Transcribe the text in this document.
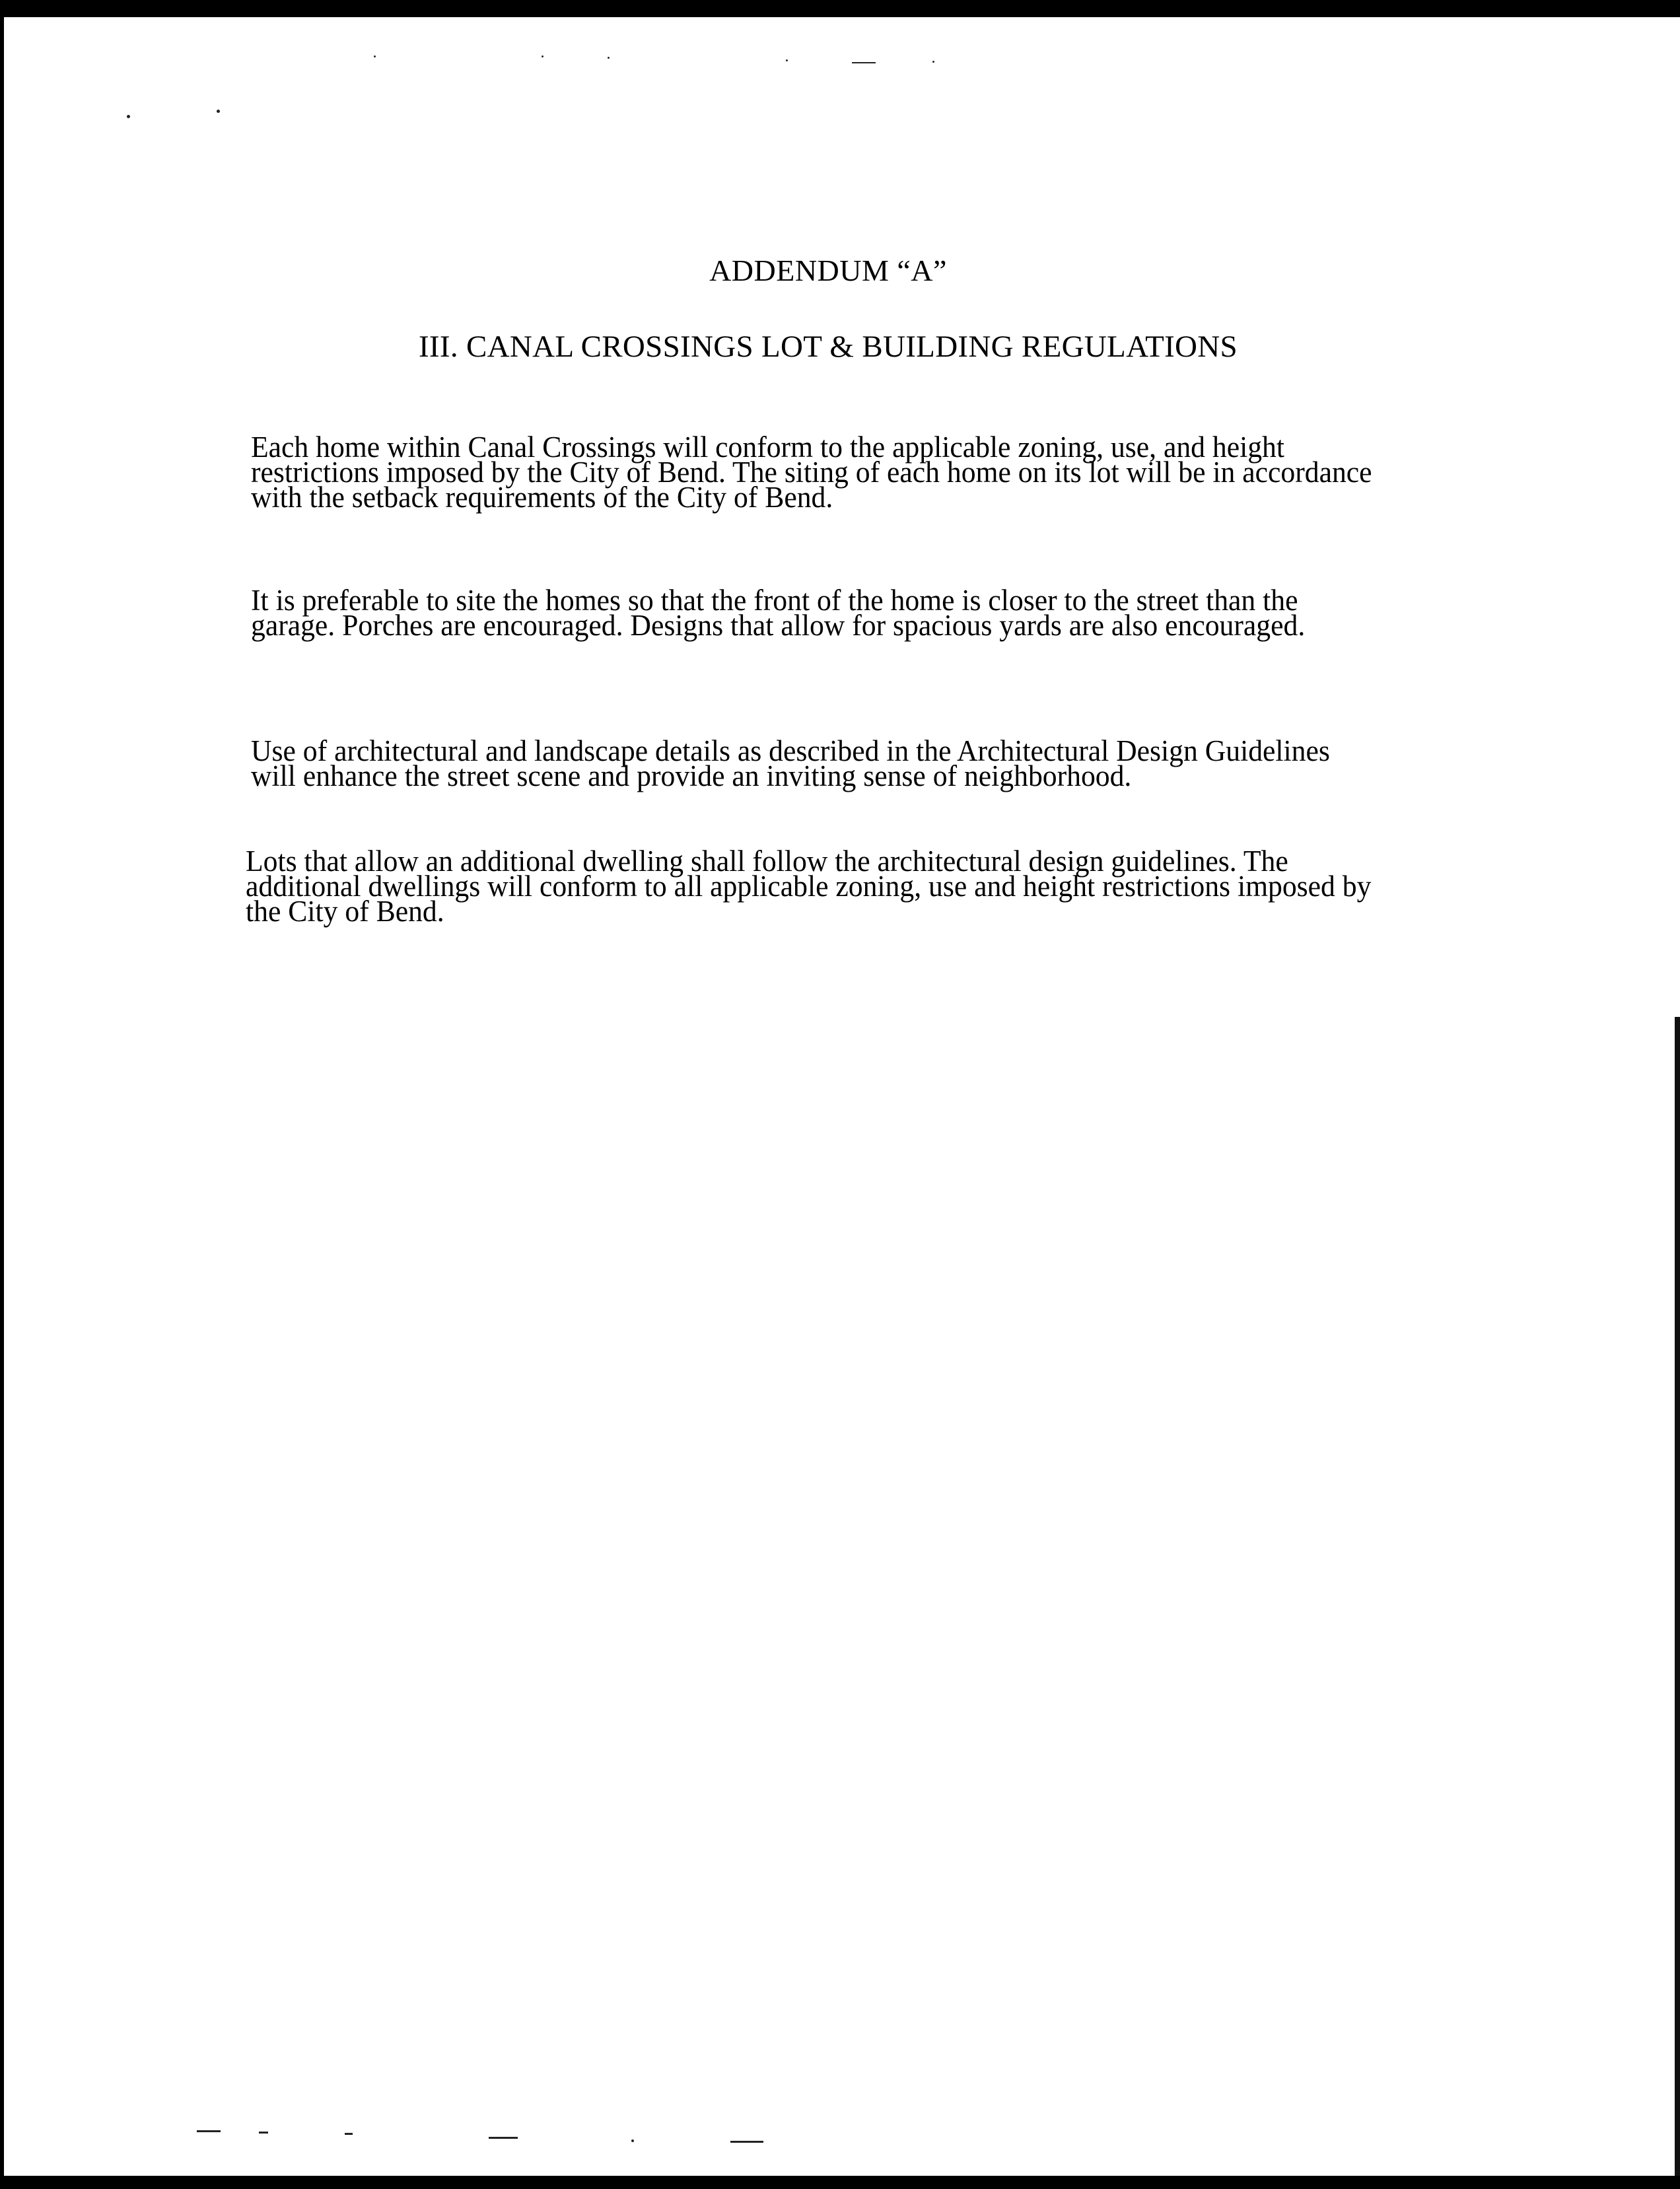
ADDENDUM “A”
III. CANAL CROSSINGS LOT & BUILDING REGULATIONS

Each home within Canal Crossings will conform to the applicable zoning, use, and height restrictions imposed by the City of Bend. The siting of each home on its lot will be in accordance with the setback requirements of the City of Bend.

It is preferable to site the homes so that the front of the home is closer to the street than the garage. Porches are encouraged. Designs that allow for spacious yards are also encouraged.

Use of architectural and landscape details as described in the Architectural Design Guidelines will enhance the street scene and provide an inviting sense of neighborhood.

Lots that allow an additional dwelling shall follow the architectural design guidelines. The additional dwellings will conform to all applicable zoning, use and height restrictions imposed by the City of Bend.
